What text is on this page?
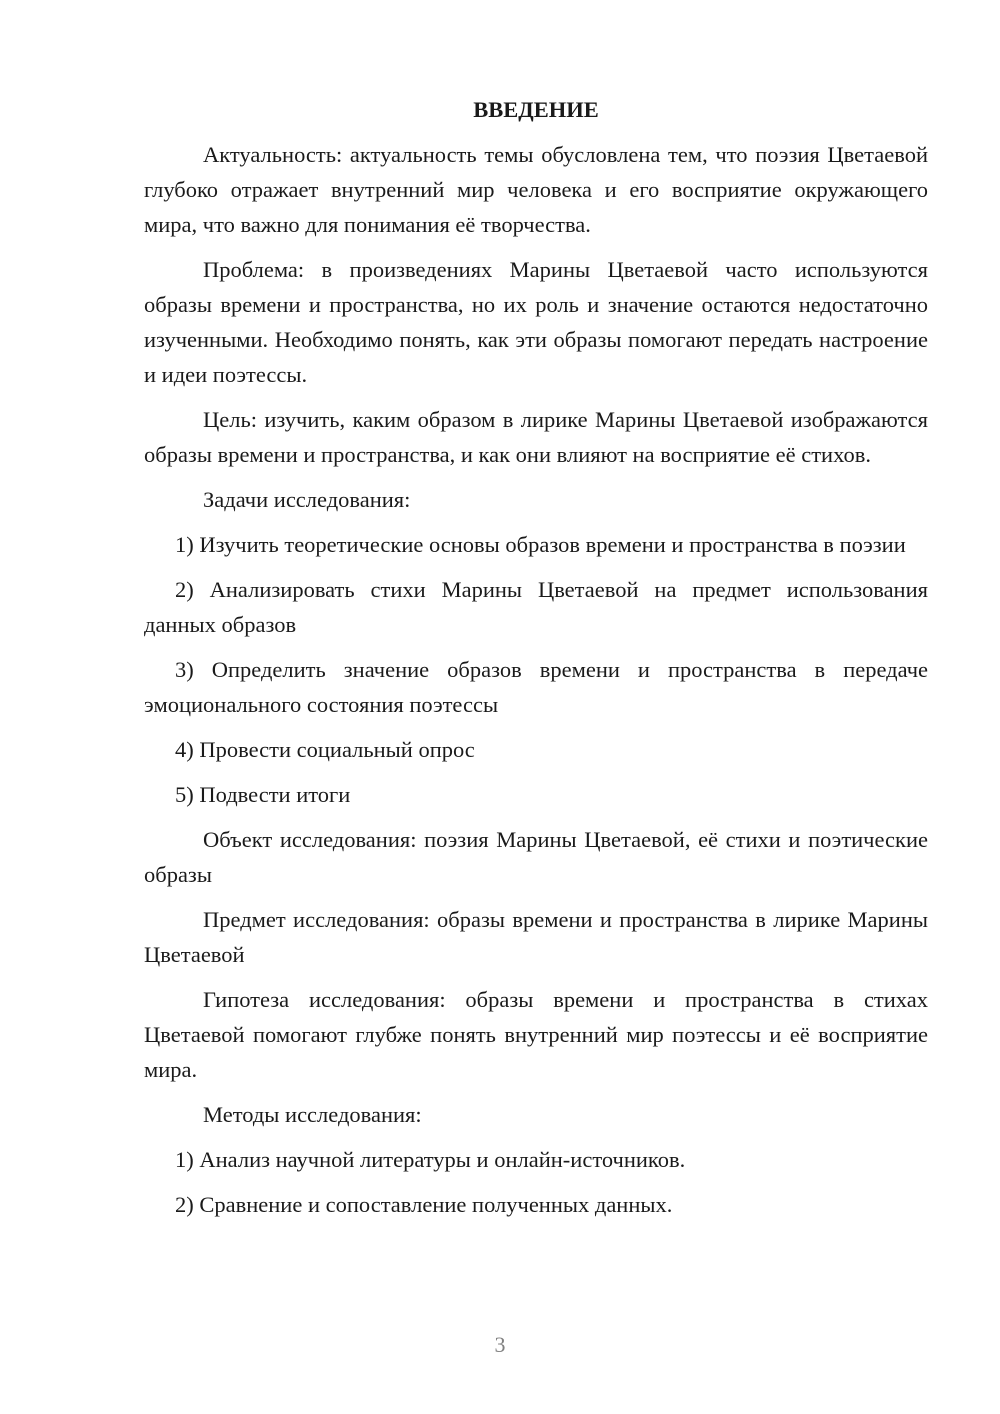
ВВЕДЕНИЕ
Актуальность: актуальность темы обусловлена тем, что поэзия Цветаевой глубоко отражает внутренний мир человека и его восприятие окружающего мира, что важно для понимания её творчества.
Проблема: в произведениях Марины Цветаевой часто используются образы времени и пространства, но их роль и значение остаются недостаточно изученными. Необходимо понять, как эти образы помогают передать настроение и идеи поэтессы.
Цель: изучить, каким образом в лирике Марины Цветаевой изображаются образы времени и пространства, и как они влияют на восприятие её стихов.
Задачи исследования:
1) Изучить теоретические основы образов времени и пространства в поэзии
2) Анализировать стихи Марины Цветаевой на предмет использования данных образов
3) Определить значение образов времени и пространства в передаче эмоционального состояния поэтессы
4) Провести социальный опрос
5) Подвести итоги
Объект исследования: поэзия Марины Цветаевой, её стихи и поэтические образы
Предмет исследования: образы времени и пространства в лирике Марины Цветаевой
Гипотеза исследования: образы времени и пространства в стихах Цветаевой помогают глубже понять внутренний мир поэтессы и её восприятие мира.
Методы исследования:
1) Анализ научной литературы и онлайн-источников.
2) Сравнение и сопоставление полученных данных.
3
